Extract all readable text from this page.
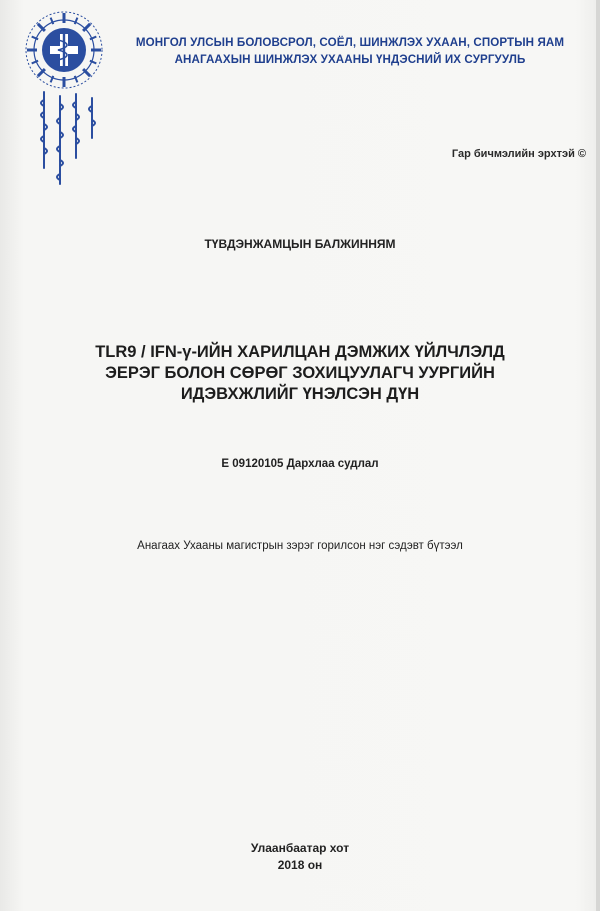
МОНГОЛ УЛСЫН БОЛОВСРОЛ, СОЁЛ, ШИНЖЛЭХ УХААН, СПОРТЫН ЯАМ
АНАГААХЫН ШИНЖЛЭХ УХААНЫ ҮНДЭСНИЙ ИХ СУРГУУЛЬ
Гар бичмэлийн эрхтэй ©
ТҮВДЭНЖАМЦЫН БАЛЖИННЯМ
TLR9 / IFN-γ-ИЙН ХАРИЛЦАН ДЭМЖИХ ҮЙЛЧЛЭЛД
ЭЕРЭГ БОЛОН СӨРӨГ ЗОХИЦУУЛАГЧ УУРГИЙН
ИДЭВХЖЛИЙГ ҮНЭЛСЭН ДҮН
Е 09120105 Дархлаа судлал
Анагаах Ухааны магистрын зэрэг горилсон нэг сэдэвт бүтээл
Улаанбаатар хот
2018 он
